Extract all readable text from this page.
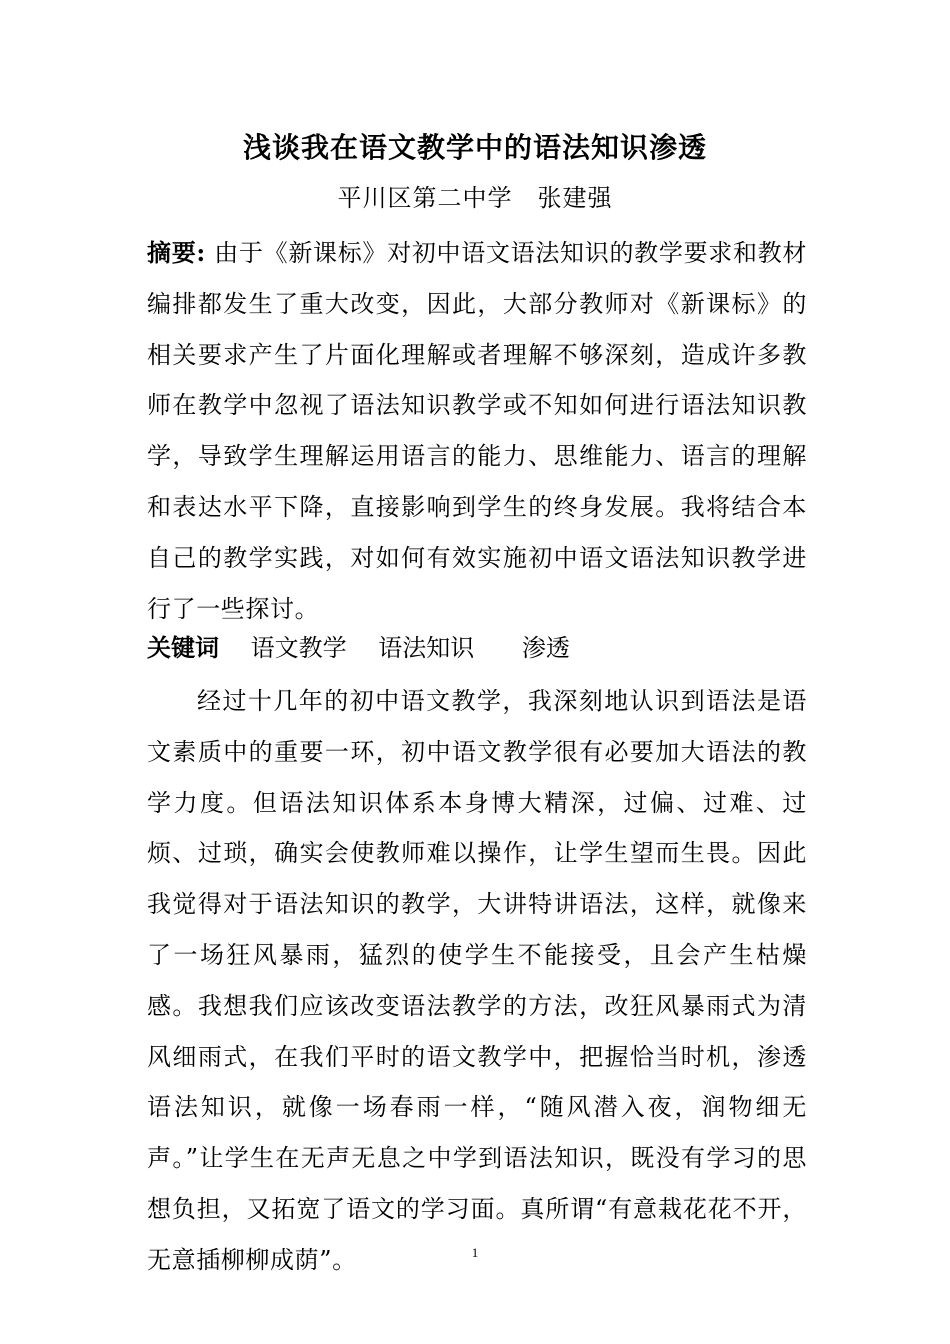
浅谈我在语文教学中的语法知识渗透
平川区第二中学　张建强
摘要: 由于《新课标》对初中语文语法知识的教学要求和教材编排都发生了重大改变，因此，大部分教师对《新课标》的相关要求产生了片面化理解或者理解不够深刻，造成许多教师在教学中忽视了语法知识教学或不知如何进行语法知识教学，导致学生理解运用语言的能力、思维能力、语言的理解和表达水平下降，直接影响到学生的终身发展。我将结合本自己的教学实践，对如何有效实施初中语文语法知识教学进行了一些探讨。
关键词 语文教学 语法知识 渗透
经过十几年的初中语文教学，我深刻地认识到语法是语文素质中的重要一环，初中语文教学很有必要加大语法的教学力度。但语法知识体系本身博大精深，过偏、过难、过烦、过琐，确实会使教师难以操作，让学生望而生畏。因此我觉得对于语法知识的教学，大讲特讲语法，这样，就像来了一场狂风暴雨，猛烈的使学生不能接受，且会产生枯燥感。我想我们应该改变语法教学的方法，改狂风暴雨式为清风细雨式，在我们平时的语文教学中，把握恰当时机，渗透语法知识，就像一场春雨一样，“随风潜入夜，润物细无声。”让学生在无声无息之中学到语法知识，既没有学习的思想负担，又拓宽了语文的学习面。真所谓“有意栽花花不开，无意插柳柳成荫”。	1
